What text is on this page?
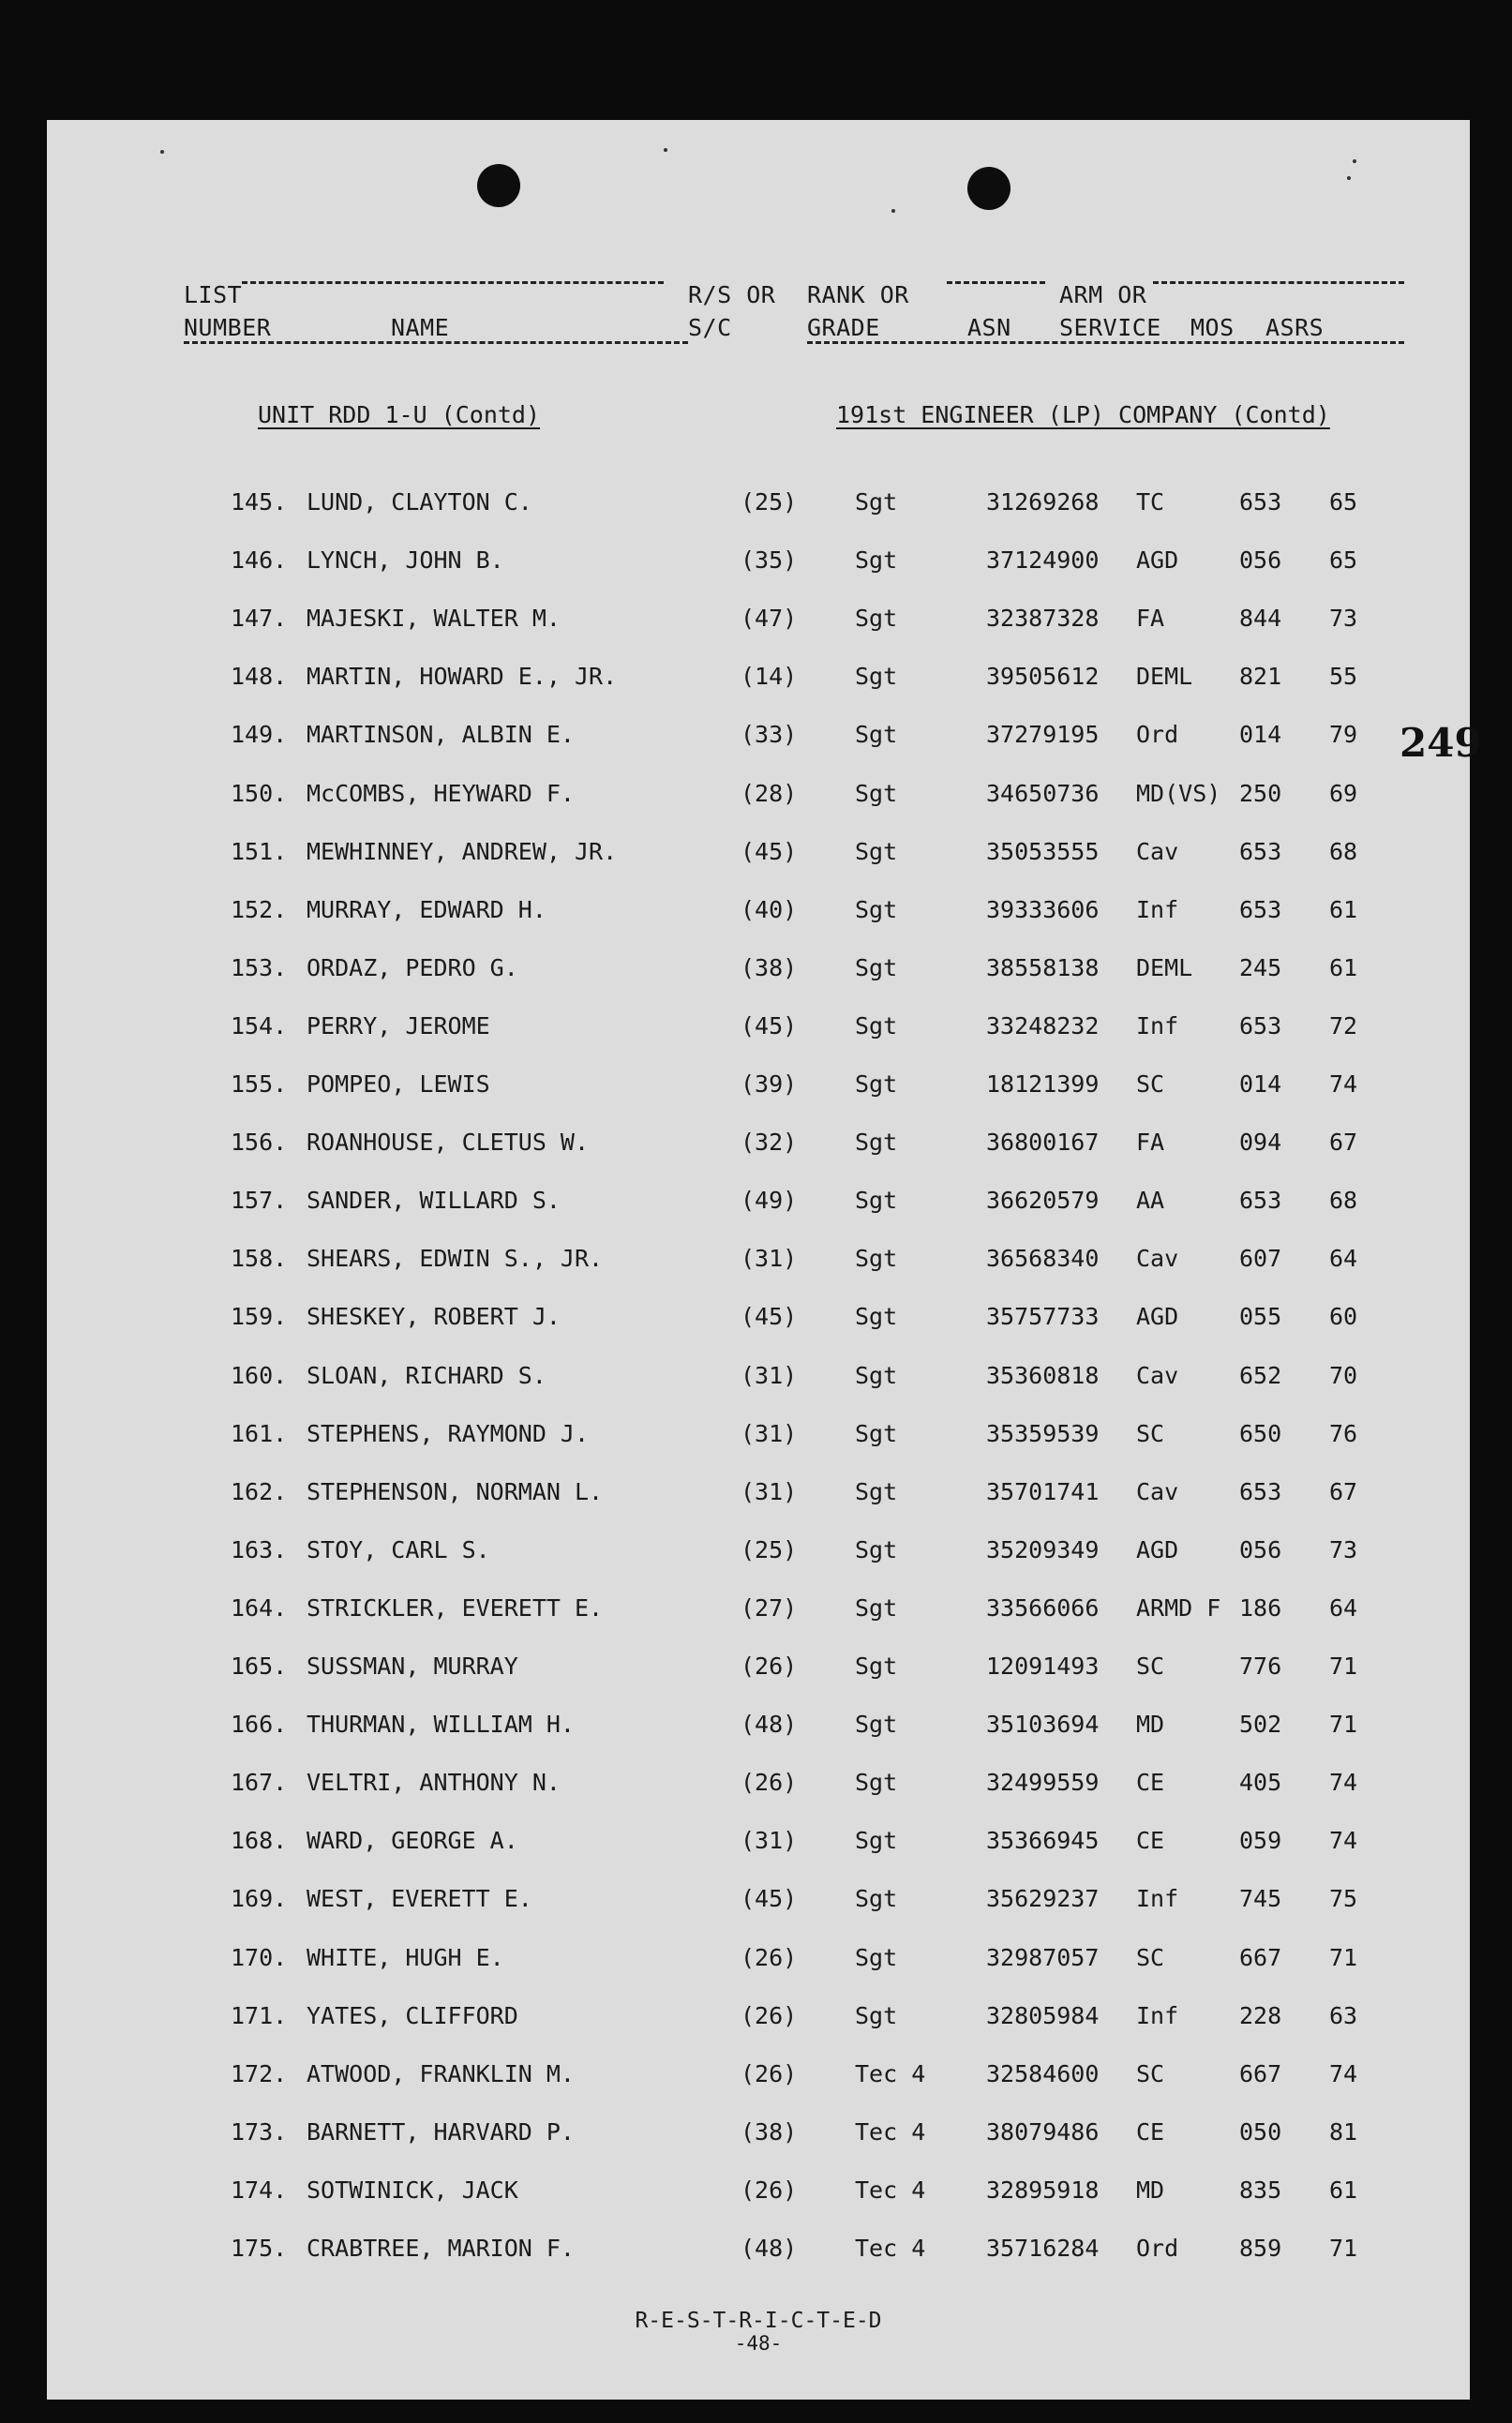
LIST
NUMBER	NAME
R/S OR
S/C
RANK OR
GRADE	ASN
ARM OR
SERVICE MOS ASRS
UNIT RDD 1-U (Contd)	191st ENGINEER (LP) COMPANY (Contd)
249
145. LUND, CLAYTON C.	(25) Sgt	31269268 TC	653 65
146. LYNCH, JOHN B.	(35) Sgt	37124900 AGD	056 65
147. MAJESKI, WALTER M.	(47) Sgt	32387328 FA	844 73
148. MARTIN, HOWARD E., JR.	(14) Sgt	39505612 DEML 821 55
149. MARTINSON, ALBIN E.	(33) Sgt	37279195 Ord	014 79
150. McCOMBS, HEYWARD F.	(28) Sgt	34650736 MD(VS) 250 69
151. MEWHINNEY, ANDREW, JR.	(45) Sgt	35053555 Cav	653 68
152. MURRAY, EDWARD H.	(40) Sgt	39333606 Inf	653 61
153. ORDAZ, PEDRO G.	(38) Sgt	38558138 DEML 245 61
154. PERRY, JEROME	(45) Sgt	33248232 Inf	653 72
155. POMPEO, LEWIS	(39) Sgt	18121399 SC	014 74
156. ROANHOUSE, CLETUS W.	(32) Sgt	36800167 FA	094 67
157. SANDER, WILLARD S.	(49) Sgt	36620579 AA	653 68
158. SHEARS, EDWIN S., JR.	(31) Sgt	36568340 Cav	607 64
159. SHESKEY, ROBERT J.	(45) Sgt	35757733 AGD	055 60
160. SLOAN, RICHARD S.	(31) Sgt	35360818 Cav	652 70
161. STEPHENS, RAYMOND J.	(31) Sgt	35359539 SC	650 76
162. STEPHENSON, NORMAN L.	(31) Sgt	35701741 Cav	653 67
163. STOY, CARL S.	(25) Sgt	35209349 AGD	056 73
164. STRICKLER, EVERETT E.	(27) Sgt	33566066 ARMD F 186 64
165. SUSSMAN, MURRAY	(26) Sgt	12091493 SC	776 71
166. THURMAN, WILLIAM H.	(48) Sgt	35103694 MD	502 71
167. VELTRI, ANTHONY N.	(26) Sgt	32499559 CE	405 74
168. WARD, GEORGE A.	(31) Sgt	35366945 CE	059 74
169. WEST, EVERETT E.	(45) Sgt	35629237 Inf	745 75
170. WHITE, HUGH E.	(26) Sgt	32987057 SC	667 71
171. YATES, CLIFFORD	(26) Sgt	32805984 Inf	228 63
172. ATWOOD, FRANKLIN M.	(26) Tec 4	32584600 SC	667 74
173. BARNETT, HARVARD P.	(38) Tec 4	38079486 CE	050 81
174. SOTWINICK, JACK	(26) Tec 4	32895918 MD	835 61
175. CRABTREE, MARION F.	(48) Tec 4	35716284 Ord	859 71
R-E-S-T-R-I-C-T-E-D
-48-
